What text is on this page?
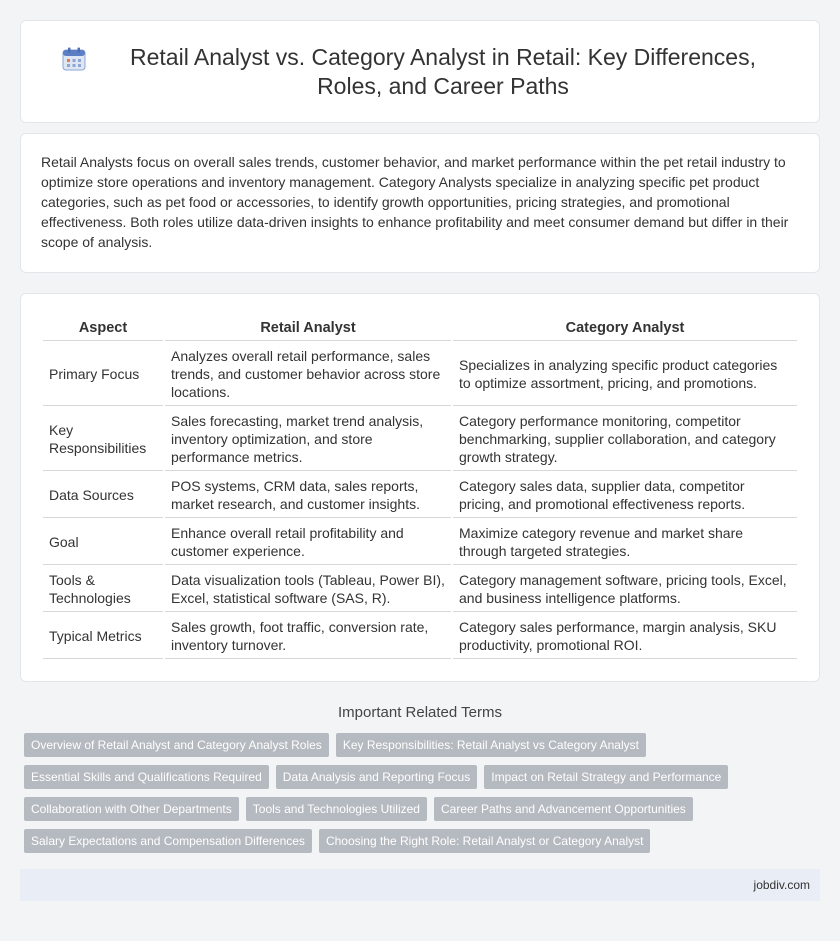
Retail Analyst vs. Category Analyst in Retail: Key Differences, Roles, and Career Paths

Retail Analysts focus on overall sales trends, customer behavior, and market performance within the pet retail industry to optimize store operations and inventory management. Category Analysts specialize in analyzing specific pet product categories, such as pet food or accessories, to identify growth opportunities, pricing strategies, and promotional effectiveness. Both roles utilize data-driven insights to enhance profitability and meet consumer demand but differ in their scope of analysis.

Aspect	Retail Analyst	Category Analyst
Primary Focus	Analyzes overall retail performance, sales trends, and customer behavior across store locations.	Specializes in analyzing specific product categories to optimize assortment, pricing, and promotions.
Key Responsibilities	Sales forecasting, market trend analysis, inventory optimization, and store performance metrics.	Category performance monitoring, competitor benchmarking, supplier collaboration, and category growth strategy.
Data Sources	POS systems, CRM data, sales reports, market research, and customer insights.	Category sales data, supplier data, competitor pricing, and promotional effectiveness reports.
Goal	Enhance overall retail profitability and customer experience.	Maximize category revenue and market share through targeted strategies.
Tools & Technologies	Data visualization tools (Tableau, Power BI), Excel, statistical software (SAS, R).	Category management software, pricing tools, Excel, and business intelligence platforms.
Typical Metrics	Sales growth, foot traffic, conversion rate, inventory turnover.	Category sales performance, margin analysis, SKU productivity, promotional ROI.
Important Related Terms
Overview of Retail Analyst and Category Analyst Roles	Key Responsibilities: Retail Analyst vs Category Analyst
Essential Skills and Qualifications Required	Data Analysis and Reporting Focus	Impact on Retail Strategy and Performance
Collaboration with Other Departments	Tools and Technologies Utilized	Career Paths and Advancement Opportunities
Salary Expectations and Compensation Differences	Choosing the Right Role: Retail Analyst or Category Analyst
jobdiv.com
